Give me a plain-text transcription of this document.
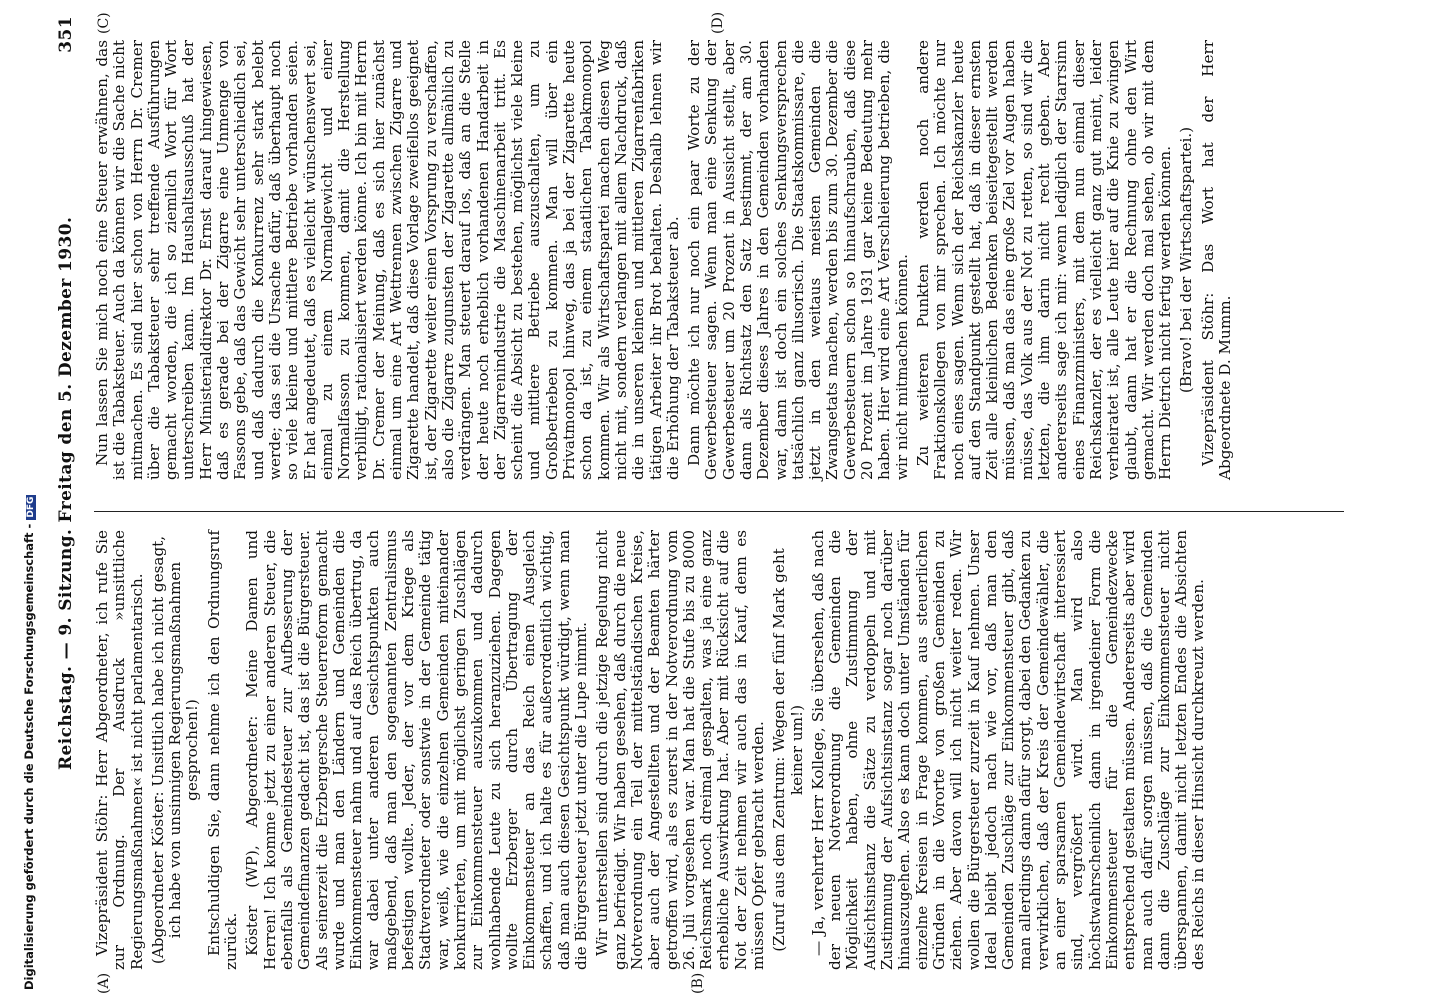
Reichstag. — 9. Sitzung. Freitag den 5. Dezember 1930.
351
(A)	(B)
(C)	(D)

Vizepräsident Stöhr: Herr Abgeordneter, ich rufe Sie zur Ordnung. Der Ausdruck »unsittliche Regierungsmaßnahmen« ist nicht parlamentarisch. (Abgeordneter Köster: Unsittlich habe ich nicht gesagt, ich habe von unsinnigen Regierungsmaßnahmen gesprochen!) Entschuldigen Sie, dann nehme ich den Ordnungsruf zurück. Köster (WP), Abgeordneter: Meine Damen und Herren! Ich komme jetzt zu einer anderen Steuer, die ebenfalls als Gemeindesteuer zur Aufbesserung der Gemeindefinanzen gedacht ist, das ist die Bürgersteuer. Als seinerzeit die Erzbergersche Steuerreform gemacht wurde und man den Ländern und Gemeinden die Einkommensteuer nahm und auf das Reich übertrug, da war dabei unter anderen Gesichtspunkten auch maßgebend, daß man den sogenannten Zentralismus befestigen wollte. Jeder, der vor dem Kriege als Stadtverordneter oder sonstwie in der Gemeinde tätig war, weiß, wie die einzelnen Gemeinden miteinander konkurrierten, um mit möglichst geringen Zuschlägen zur Einkommensteuer auszukommen und dadurch wohlhabende Leute zu sich heranzuziehen. Dagegen wollte Erzberger durch Übertragung der Einkommensteuer an das Reich einen Ausgleich schaffen, und ich halte es für außerordentlich wichtig, daß man auch diesen Gesichtspunkt würdigt, wenn man die Bürgersteuer jetzt unter die Lupe nimmt. Wir unterstellen sind durch die jetzige Regelung nicht ganz befriedigt. Wir haben gesehen, daß durch die neue Notverordnung ein Teil der mittelständischen Kreise, aber auch der Angestellten und der Beamten härter getroffen wird, als es zuerst in der Notverordnung vom 26. Juli vorgesehen war. Man hat die Stufe bis zu 8000 Reichsmark noch dreimal gespalten, was ja eine ganz erhebliche Auswirkung hat. Aber mit Rücksicht auf die Not der Zeit nehmen wir auch das in Kauf, denn es müssen Opfer gebracht werden. (Zuruf aus dem Zentrum: Wegen der fünf Mark geht keiner um!) — Ja, verehrter Herr Kollege, Sie übersehen, daß nach der neuen Notverordnung die Gemeinden die Möglichkeit haben, ohne Zustimmung der Aufsichtsinstanz die Sätze zu verdoppeln und mit Zustimmung der Aufsichtsinstanz sogar noch darüber hinauszugehen. Also es kann doch unter Umständen für einzelne Kreisen in Frage kommen, aus steuerlichen Gründen in die Vororte von großen Gemeinden zu ziehen. Aber davon will ich nicht weiter reden. Wir wollen die Bürgersteuer zurzeit in Kauf nehmen. Unser Ideal bleibt jedoch nach wie vor, daß man den Gemeinden Zuschläge zur Einkommensteuer gibt, daß man allerdings dann dafür sorgt, dabei den Gedanken zu verwirklichen, daß der Kreis der Gemeindewähler, die an einer sparsamen Gemeindewirtschaft interessiert sind, vergrößert wird. Man wird also höchstwahrscheinlich dann in irgendeiner Form die Einkommensteuer für die Gemeindezwecke entsprechend gestalten müssen. Andererseits aber wird man auch dafür sorgen müssen, daß die Gemeinden dann die Zuschläge zur Einkommensteuer nicht überspannen, damit nicht letzten Endes die Absichten des Reichs in dieser Hinsicht durchkreuzt werden.

Nun lassen Sie mich noch eine Steuer erwähnen, das ist die Tabaksteuer. Auch da können wir die Sache nicht mitmachen. Es sind hier schon von Herrn Dr. Cremer über die Tabaksteuer sehr treffende Ausführungen gemacht worden, die ich so ziemlich Wort für Wort unterschreiben kann. Im Haushaltsausschuß hat der Herr Ministerialdirektor Dr. Ernst darauf hingewiesen, daß es gerade bei der Zigarre eine Unmenge von Fassons gebe, daß das Gewicht sehr unterschiedlich sei, und daß dadurch die Konkurrenz sehr stark belebt werde; das sei die Ursache dafür, daß überhaupt noch so viele kleine und mittlere Betriebe vorhanden seien. Er hat angedeutet, daß es vielleicht wünschenswert sei, einmal zu einem Normalgewicht und einer Normalfasson zu kommen, damit die Herstellung verbilligt, rationalisiert werden könne. Ich bin mit Herrn Dr. Cremer der Meinung, daß es sich hier zunächst einmal um eine Art Wettrennen zwischen Zigarre und Zigarette handelt, daß diese Vorlage zweifellos geeignet ist, der Zigarette weiter einen Vorsprung zu verschaffen, also die Zigarre zugunsten der Zigarette allmählich zu verdrängen. Man steuert darauf los, daß an die Stelle der heute noch erheblich vorhandenen Handarbeit in der Zigarrenindustrie die Maschinenarbeit tritt. Es scheint die Absicht zu bestehen, möglichst viele kleine und mittlere Betriebe auszuschalten, um zu Großbetrieben zu kommen. Man will über ein Privatmonopol hinweg, das ja bei der Zigarette heute schon da ist, zu einem staatlichen Tabakmonopol kommen. Wir als Wirtschaftspartei machen diesen Weg nicht mit, sondern verlangen mit allem Nachdruck, daß die in unseren kleinen und mittleren Zigarrenfabriken tätigen Arbeiter ihr Brot behalten. Deshalb lehnen wir die Erhöhung der Tabaksteuer ab. Dann möchte ich nur noch ein paar Worte zu der Gewerbesteuer sagen. Wenn man eine Senkung der Gewerbesteuer um 20 Prozent in Aussicht stellt, aber dann als Richtsatz den Satz bestimmt, der am 30. Dezember dieses Jahres in den Gemeinden vorhanden war, dann ist doch ein solches Senkungsversprechen tatsächlich ganz illusorisch. Die Staatskommissare, die jetzt in den weitaus meisten Gemeinden die Zwangsetats machen, werden bis zum 30. Dezember die Gewerbesteuern schon so hinaufschrauben, daß diese 20 Prozent im Jahre 1931 gar keine Bedeutung mehr haben. Hier wird eine Art Verschleierung betrieben, die wir nicht mitmachen können. Zu weiteren Punkten werden noch andere Fraktionskollegen von mir sprechen. Ich möchte nur noch eines sagen. Wenn sich der Reichskanzler heute auf den Standpunkt gestellt hat, daß in dieser ernsten Zeit alle kleinlichen Bedenken beiseitegestellt werden müssen, daß man das eine große Ziel vor Augen haben müsse, das Volk aus der Not zu retten, so sind wir die letzten, die ihm darin nicht recht geben. Aber andererseits sage ich mir: wenn lediglich der Starrsinn eines Finanzministers, mit dem nun einmal dieser Reichskanzler, der es vielleicht ganz gut meint, leider verheiratet ist, alle Leute hier auf die Knie zu zwingen glaubt, dann hat er die Rechnung ohne den Wirt gemacht. Wir werden doch mal sehen, ob wir mit dem Herrn Dietrich nicht fertig werden können. (Bravo! bei der Wirtschaftspartei.) Vizepräsident Stöhr: Das Wort hat der Herr Abgeordnete D. Mumm.

Digitalisierung gefördert durch die Deutsche Forschungsgemeinschaft -DFG
